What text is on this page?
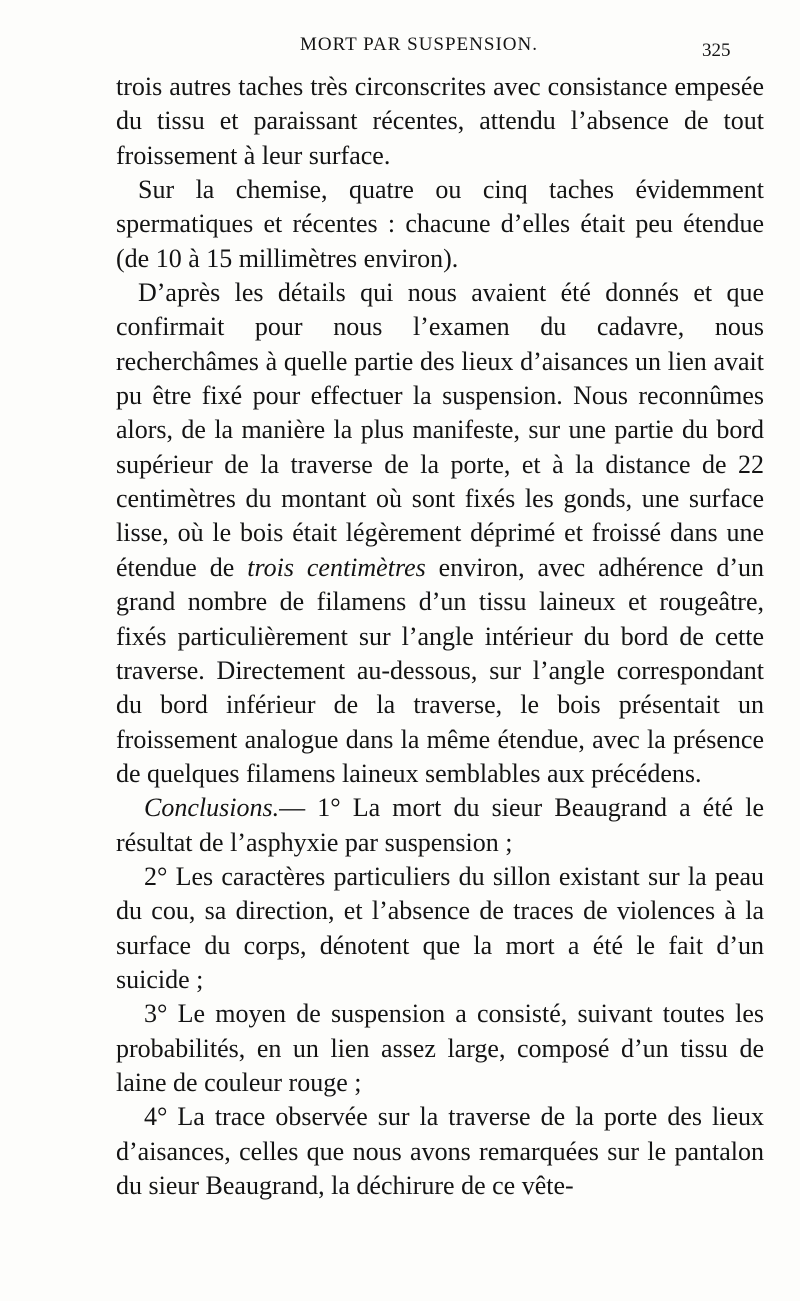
MORT PAR SUSPENSION.	325

trois autres taches très circonscrites avec consistance empesée du tissu et paraissant récentes, attendu l’absence de tout froissement à leur surface.

Sur la chemise, quatre ou cinq taches évidemment spermatiques et récentes : chacune d’elles était peu étendue (de 10 à 15 millimètres environ).

D’après les détails qui nous avaient été donnés et que confirmait pour nous l’examen du cadavre, nous recherchâmes à quelle partie des lieux d’aisances un lien avait pu être fixé pour effectuer la suspension. Nous reconnûmes alors, de la manière la plus manifeste, sur une partie du bord supérieur de la traverse de la porte, et à la distance de 22 centimètres du montant où sont fixés les gonds, une surface lisse, où le bois était légèrement déprimé et froissé dans une étendue de trois centimètres environ, avec adhérence d’un grand nombre de filamens d’un tissu laineux et rougeâtre, fixés particulièrement sur l’angle intérieur du bord de cette traverse. Directement au-dessous, sur l’angle correspondant du bord inférieur de la traverse, le bois présentait un froissement analogue dans la même étendue, avec la présence de quelques filamens laineux semblables aux précédens.

Conclusions.— 1° La mort du sieur Beaugrand a été le résultat de l’asphyxie par suspension ;

2° Les caractères particuliers du sillon existant sur la peau du cou, sa direction, et l’absence de traces de violences à la surface du corps, dénotent que la mort a été le fait d’un suicide ;

3° Le moyen de suspension a consisté, suivant toutes les probabilités, en un lien assez large, composé d’un tissu de laine de couleur rouge ;

4° La trace observée sur la traverse de la porte des lieux d’aisances, celles que nous avons remarquées sur le pantalon du sieur Beaugrand, la déchirure de ce vête-
